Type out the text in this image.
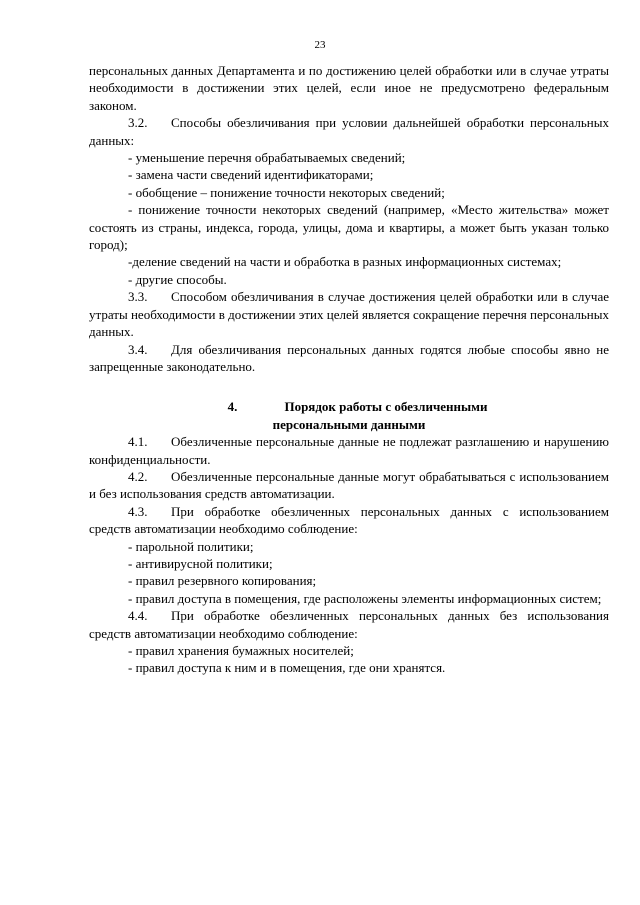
23

персональных данных Департамента и по достижению целей обработки или в случае утраты необходимости в достижении этих целей, если иное не предусмотрено федеральным законом.

3.2. Способы обезличивания при условии дальнейшей обработки персональных данных:

- уменьшение перечня обрабатываемых сведений;

- замена части сведений идентификаторами;

- обобщение – понижение точности некоторых сведений;

- понижение точности некоторых сведений (например, «Место жительства» может состоять из страны, индекса, города, улицы, дома и квартиры, а может быть указан только город);

-деление сведений на части и обработка в разных информационных системах;

- другие способы.

3.3. Способом обезличивания в случае достижения целей обработки или в случае утраты необходимости в достижении этих целей является сокращение перечня персональных данных.

3.4. Для обезличивания персональных данных годятся любые способы явно не запрещенные законодательно.

4.	Порядок работы с обезличенными
персональными данными

4.1. Обезличенные персональные данные не подлежат разглашению и нарушению конфиденциальности.

4.2. Обезличенные персональные данные могут обрабатываться с использованием и без использования средств автоматизации.

4.3. При обработке обезличенных персональных данных с использованием средств автоматизации необходимо соблюдение:

- парольной политики;

- антивирусной политики;

- правил резервного копирования;

- правил доступа в помещения, где расположены элементы информационных систем;

4.4. При обработке обезличенных персональных данных без использования средств автоматизации необходимо соблюдение:

- правил хранения бумажных носителей;

- правил доступа к ним и в помещения, где они хранятся.
